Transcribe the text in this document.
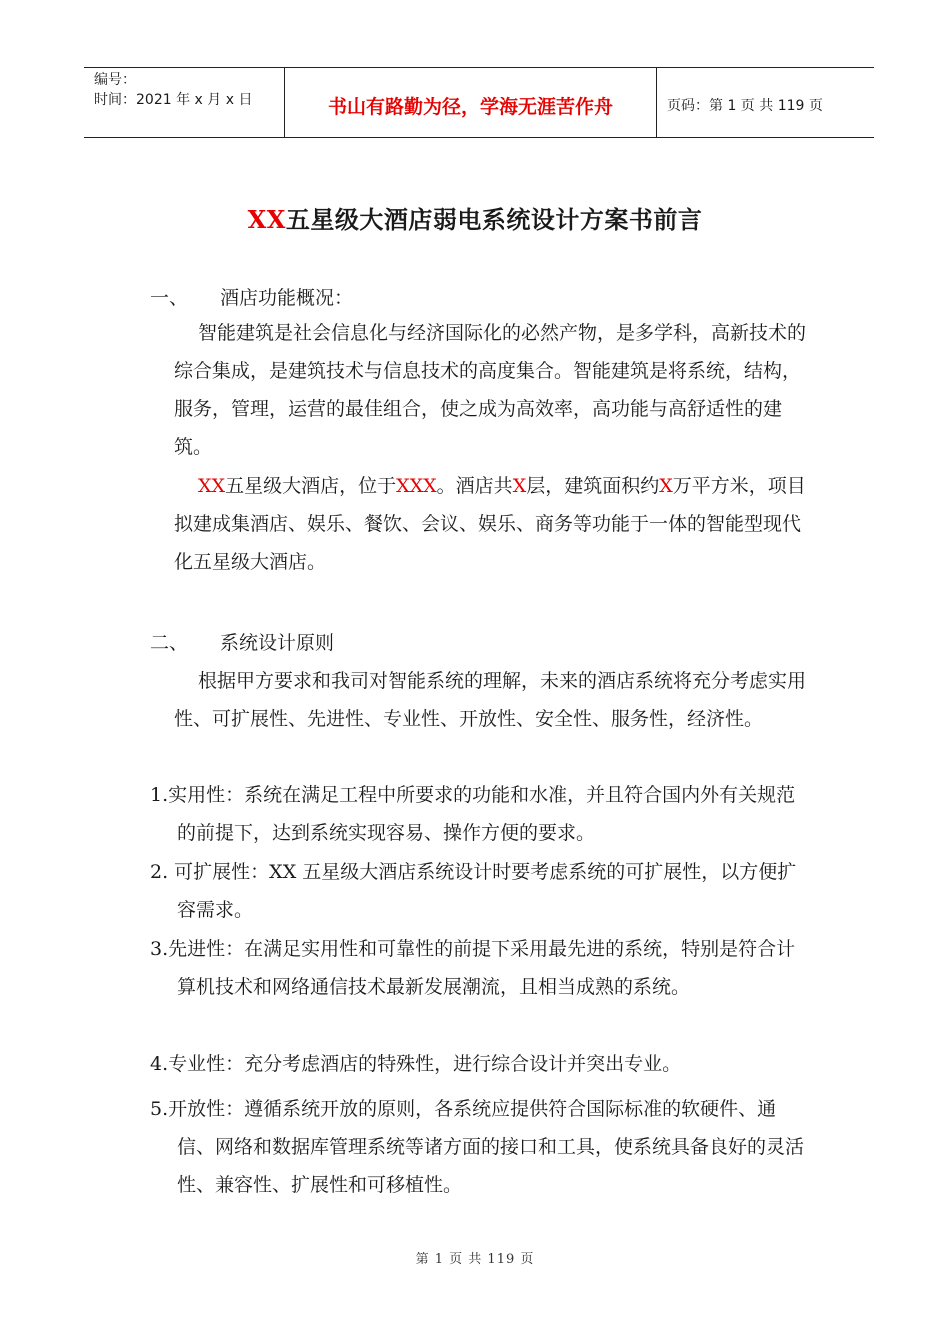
编号：
时间：2021 年 x 月 x 日	书山有路勤为径，学海无涯苦作舟	页码：第 1 页 共 119 页
XX五星级大酒店弱电系统设计方案书前言
一、 酒店功能概况：

智能建筑是社会信息化与经济国际化的必然产物，是多学科，高新技术的综合集成，是建筑技术与信息技术的高度集合。智能建筑是将系统，结构，服务，管理，运营的最佳组合，使之成为高效率，高功能与高舒适性的建筑。

XX五星级大酒店，位于XXX。酒店共X层，建筑面积约X万平方米，项目拟建成集酒店、娱乐、餐饮、会议、娱乐、商务等功能于一体的智能型现代化五星级大酒店。

二、 系统设计原则

根据甲方要求和我司对智能系统的理解，未来的酒店系统将充分考虑实用性、可扩展性、先进性、专业性、开放性、安全性、服务性，经济性。

1.实用性：系统在满足工程中所要求的功能和水准，并且符合国内外有关规范的前提下，达到系统实现容易、操作方便的要求。

2. 可扩展性：XX 五星级大酒店系统设计时要考虑系统的可扩展性，以方便扩容需求。

3.先进性：在满足实用性和可靠性的前提下采用最先进的系统，特别是符合计算机技术和网络通信技术最新发展潮流，且相当成熟的系统。

4.专业性：充分考虑酒店的特殊性，进行综合设计并突出专业。

5.开放性：遵循系统开放的原则，各系统应提供符合国际标准的软硬件、通信、网络和数据库管理系统等诸方面的接口和工具，使系统具备良好的灵活性、兼容性、扩展性和可移植性。

第 1 页 共 119 页
